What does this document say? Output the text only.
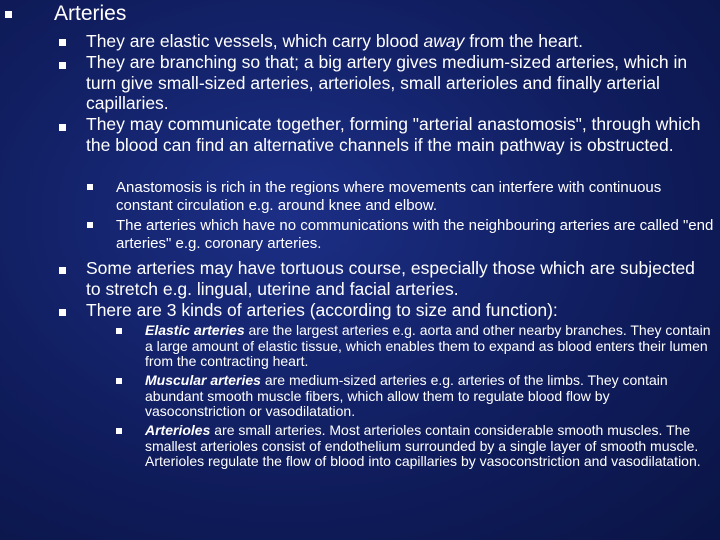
Arteries
They are elastic vessels, which carry blood away from the heart.
They are branching so that; a big artery gives medium-sized arteries, which in turn give small-sized arteries, arterioles, small arterioles and finally arterial capillaries.
They may communicate together, forming "arterial anastomosis", through which the blood can find an alternative channels if the main pathway is obstructed.
Anastomosis is rich in the regions where movements can interfere with continuous constant circulation e.g. around knee and elbow.
The arteries which have no communications with the neighbouring arteries are called "end arteries" e.g. coronary arteries.
Some arteries may have tortuous course, especially those which are subjected to stretch e.g. lingual, uterine and facial arteries.
There are 3 kinds of arteries (according to size and function):
Elastic arteries are the largest arteries e.g. aorta and other nearby branches. They contain a large amount of elastic tissue, which enables them to expand as blood enters their lumen from the contracting heart.
Muscular arteries are medium-sized arteries e.g. arteries of the limbs. They contain abundant smooth muscle fibers, which allow them to regulate blood flow by vasoconstriction or vasodilatation.
Arterioles are small arteries. Most arterioles contain considerable smooth muscles. The smallest arterioles consist of endothelium surrounded by a single layer of smooth muscle. Arterioles regulate the flow of blood into capillaries by vasoconstriction and vasodilatation.
